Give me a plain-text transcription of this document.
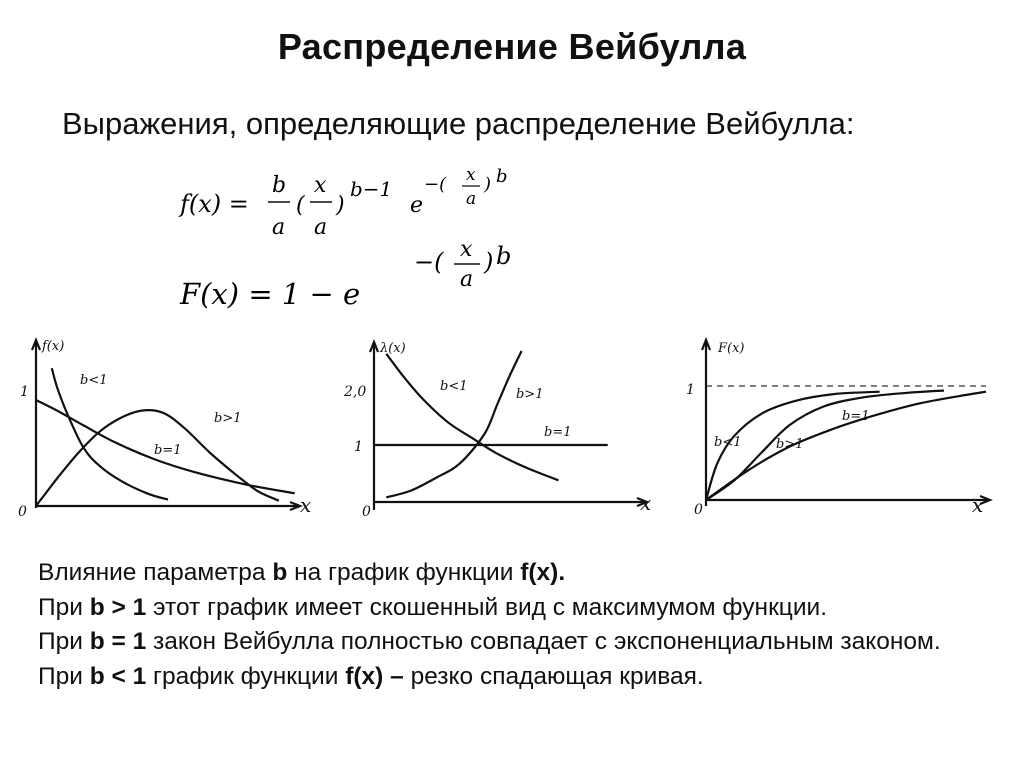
Распределение Вейбулла
Выражения, определяющие распределение Вейбулла:
f(x) =
b
a
(
x
a
)
b−1
e
−( x
a
) b
F(x) = 1 − e
−( x
a
) b
f(x)
x
0
1
b<1
b=1
b>1
λ(x)
x
0
2,0
1
b<1
b>1
b=1
F(x)
x
0
1
b<1	b>1
b=1

Влияние параметра b на график функции f(x).

При b > 1 этот график имеет скошенный вид с максимумом функции.

При b = 1 закон Вейбулла полностью совпадает с экспоненциальным законом.

При b < 1 график функции f(x) – резко спадающая кривая.
